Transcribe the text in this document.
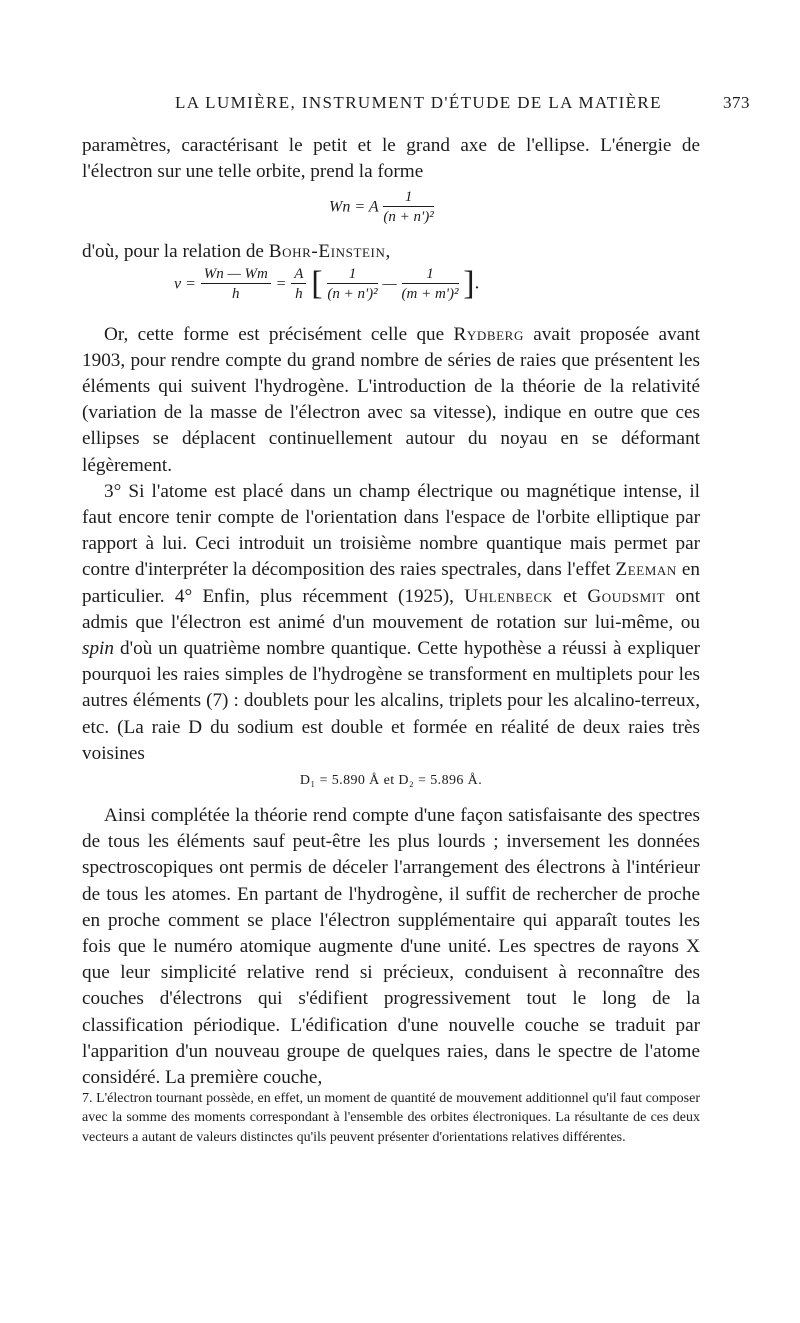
LA LUMIÈRE, INSTRUMENT D'ÉTUDE DE LA MATIÈRE	373

paramètres, caractérisant le petit et le grand axe de l'ellipse. L'énergie de l'électron sur une telle orbite, prend la forme

Wn = A $\frac{1}{\text{(n + n')²}}$

d'où, pour la relation de Bohr-Einstein,

$\nu = \frac{Wn — Wm}{h} = \frac{A}{h}$ [ $\frac{1}{\text{(n + n')²}}$ — $\frac{1}{\text{(m + m')²}}$ ].

Or, cette forme est précisément celle que Rydberg avait proposée avant 1903, pour rendre compte du grand nombre de séries de raies que présentent les éléments qui suivent l'hydrogène. L'introduction de la théorie de la relativité (variation de la masse de l'électron avec sa vitesse), indique en outre que ces ellipses se déplacent continuellement autour du noyau en se déformant légèrement.

3° Si l'atome est placé dans un champ électrique ou magnétique intense, il faut encore tenir compte de l'orientation dans l'espace de l'orbite elliptique par rapport à lui. Ceci introduit un troisième nombre quantique mais permet par contre d'interpréter la décomposition des raies spectrales, dans l'effet Zeeman en particulier. 4° Enfin, plus récemment (1925), Uhlenbeck et Goudsmit ont admis que l'électron est animé d'un mouvement de rotation sur lui-même, ou spin d'où un quatrième nombre quantique. Cette hypothèse a réussi à expliquer pourquoi les raies simples de l'hydrogène se transforment en multiplets pour les autres éléments (7) : doublets pour les alcalins, triplets pour les alcalino-terreux, etc. (La raie D du sodium est double et formée en réalité de deux raies très voisines

D₁ = 5.890 Å et D₂ = 5.896 Å.

Ainsi complétée la théorie rend compte d'une façon satisfaisante des spectres de tous les éléments sauf peut-être les plus lourds ; inversement les données spectroscopiques ont permis de déceler l'arrangement des électrons à l'intérieur de tous les atomes. En partant de l'hydrogène, il suffit de rechercher de proche en proche comment se place l'électron supplémentaire qui apparaît toutes les fois que le numéro atomique augmente d'une unité. Les spectres de rayons X que leur simplicité relative rend si précieux, conduisent à reconnaître des couches d'électrons qui s'édifient progressivement tout le long de la classification périodique. L'édification d'une nouvelle couche se traduit par l'apparition d'un nouveau groupe de quelques raies, dans le spectre de l'atome considéré. La première couche,

7. L'électron tournant possède, en effet, un moment de quantité de mouvement additionnel qu'il faut composer avec la somme des moments correspondant à l'ensemble des orbites électroniques. La résultante de ces deux vecteurs a autant de valeurs distinctes qu'ils peuvent présenter d'orientations relatives différentes.
